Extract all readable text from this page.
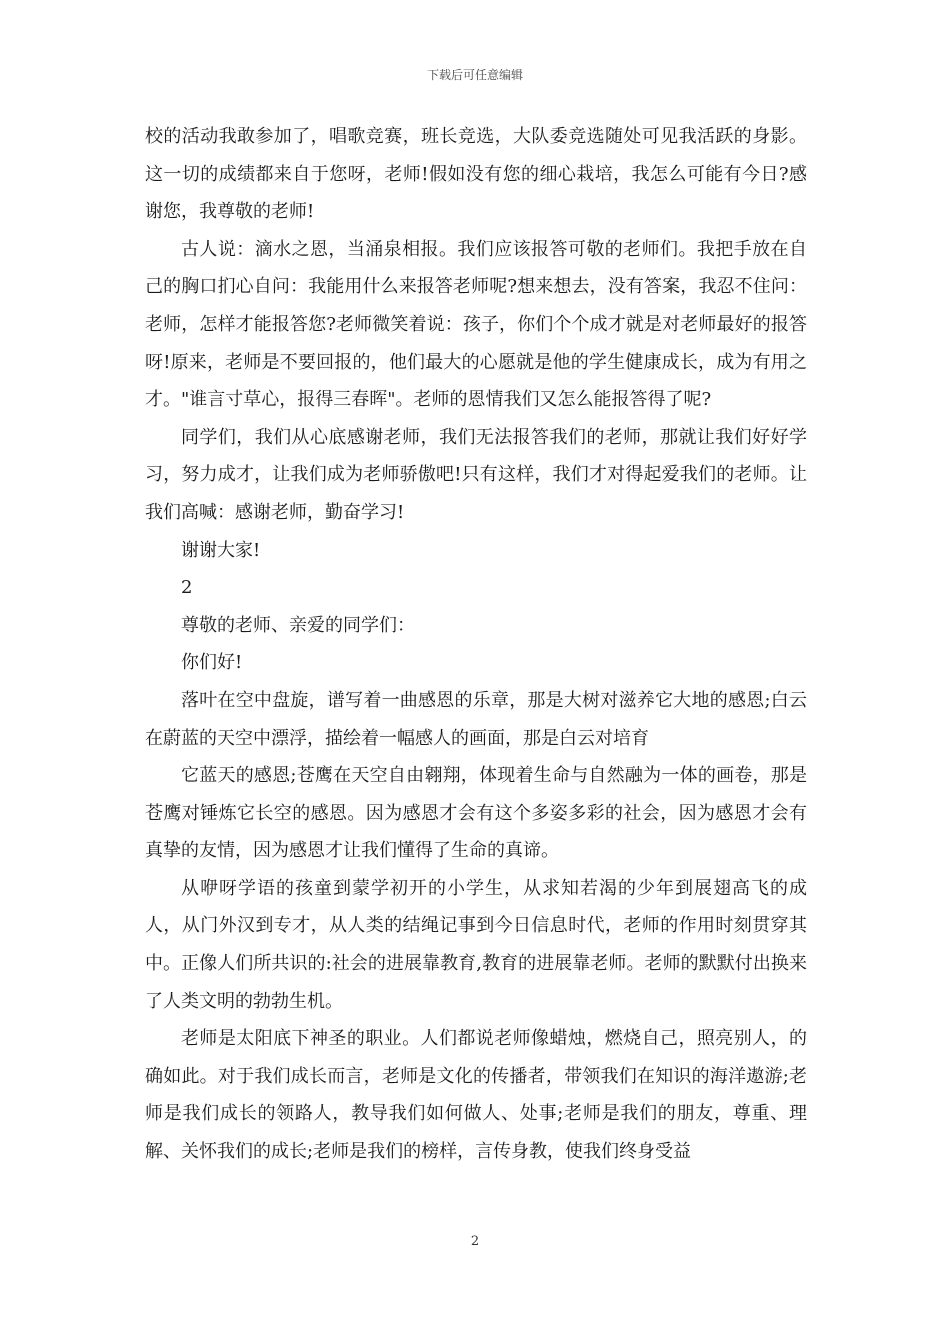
下载后可任意编辑

校的活动我敢参加了，唱歌竞赛，班长竞选，大队委竞选随处可见我活跃的身影。这一切的成绩都来自于您呀，老师!假如没有您的细心栽培，我怎么可能有今日?感谢您，我尊敬的老师!

古人说：滴水之恩，当涌泉相报。我们应该报答可敬的老师们。我把手放在自己的胸口扪心自问：我能用什么来报答老师呢?想来想去，没有答案，我忍不住问：老师，怎样才能报答您?老师微笑着说：孩子，你们个个成才就是对老师最好的报答呀!原来，老师是不要回报的，他们最大的心愿就是他的学生健康成长，成为有用之才。"谁言寸草心，报得三春晖"。老师的恩情我们又怎么能报答得了呢?

同学们，我们从心底感谢老师，我们无法报答我们的老师，那就让我们好好学习，努力成才，让我们成为老师骄傲吧!只有这样，我们才对得起爱我们的老师。让我们高喊：感谢老师，勤奋学习!

谢谢大家!

2

尊敬的老师、亲爱的同学们：

你们好!

落叶在空中盘旋，谱写着一曲感恩的乐章，那是大树对滋养它大地的感恩;白云在蔚蓝的天空中漂浮，描绘着一幅感人的画面，那是白云对培育

它蓝天的感恩;苍鹰在天空自由翱翔，体现着生命与自然融为一体的画卷，那是苍鹰对锤炼它长空的感恩。因为感恩才会有这个多姿多彩的社会，因为感恩才会有真挚的友情，因为感恩才让我们懂得了生命的真谛。

从咿呀学语的孩童到蒙学初开的小学生，从求知若渴的少年到展翅高飞的成人，从门外汉到专才，从人类的结绳记事到今日信息时代，老师的作用时刻贯穿其中。正像人们所共识的:社会的进展靠教育,教育的进展靠老师。老师的默默付出换来了人类文明的勃勃生机。

老师是太阳底下神圣的职业。人们都说老师像蜡烛，燃烧自己，照亮别人，的确如此。对于我们成长而言，老师是文化的传播者，带领我们在知识的海洋遨游;老师是我们成长的领路人，教导我们如何做人、处事;老师是我们的朋友，尊重、理解、关怀我们的成长;老师是我们的榜样，言传身教，使我们终身受益

2
